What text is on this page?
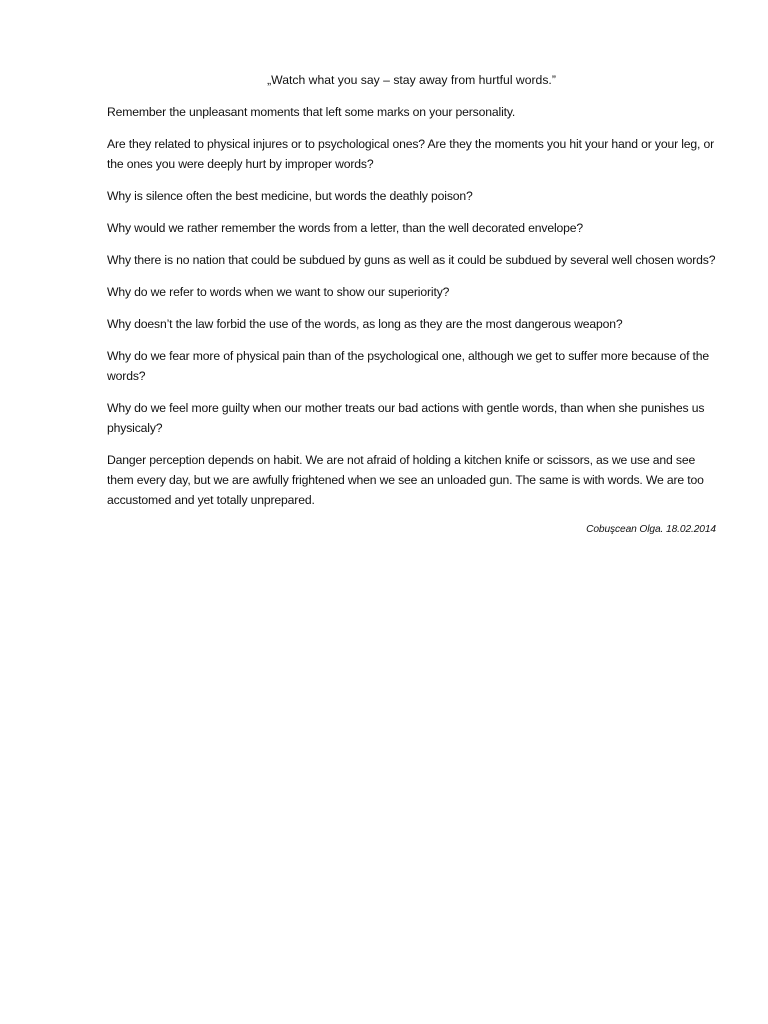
„Watch what you say – stay away from hurtful words.”

Remember the unpleasant moments that left some marks on your personality.

Are they related to physical injures or to psychological ones? Are they the moments you hit your hand or your leg, or the ones you were deeply hurt by improper words?

Why is silence often the best medicine, but words the deathly poison?

Why would we rather remember the words from a letter, than the well decorated envelope?

Why there is no nation that could be subdued by guns as well as it could be subdued by several well chosen words?

Why do we refer to words when we want to show our superiority?

Why doesn’t the law forbid the use of the words, as long as they are the most dangerous weapon?

Why do we fear more of physical pain than of the psychological one, although we get to suffer more because of the words?

Why do we feel more guilty when our mother treats our bad actions with gentle words, than when she punishes us physicaly?

Danger perception depends on habit. We are not afraid of holding a kitchen knife or scissors, as we use and see them every day, but we are awfully frightened when we see an unloaded gun. The same is with words. We are too accustomed and yet totally unprepared.

Cobuşcean Olga. 18.02.2014
